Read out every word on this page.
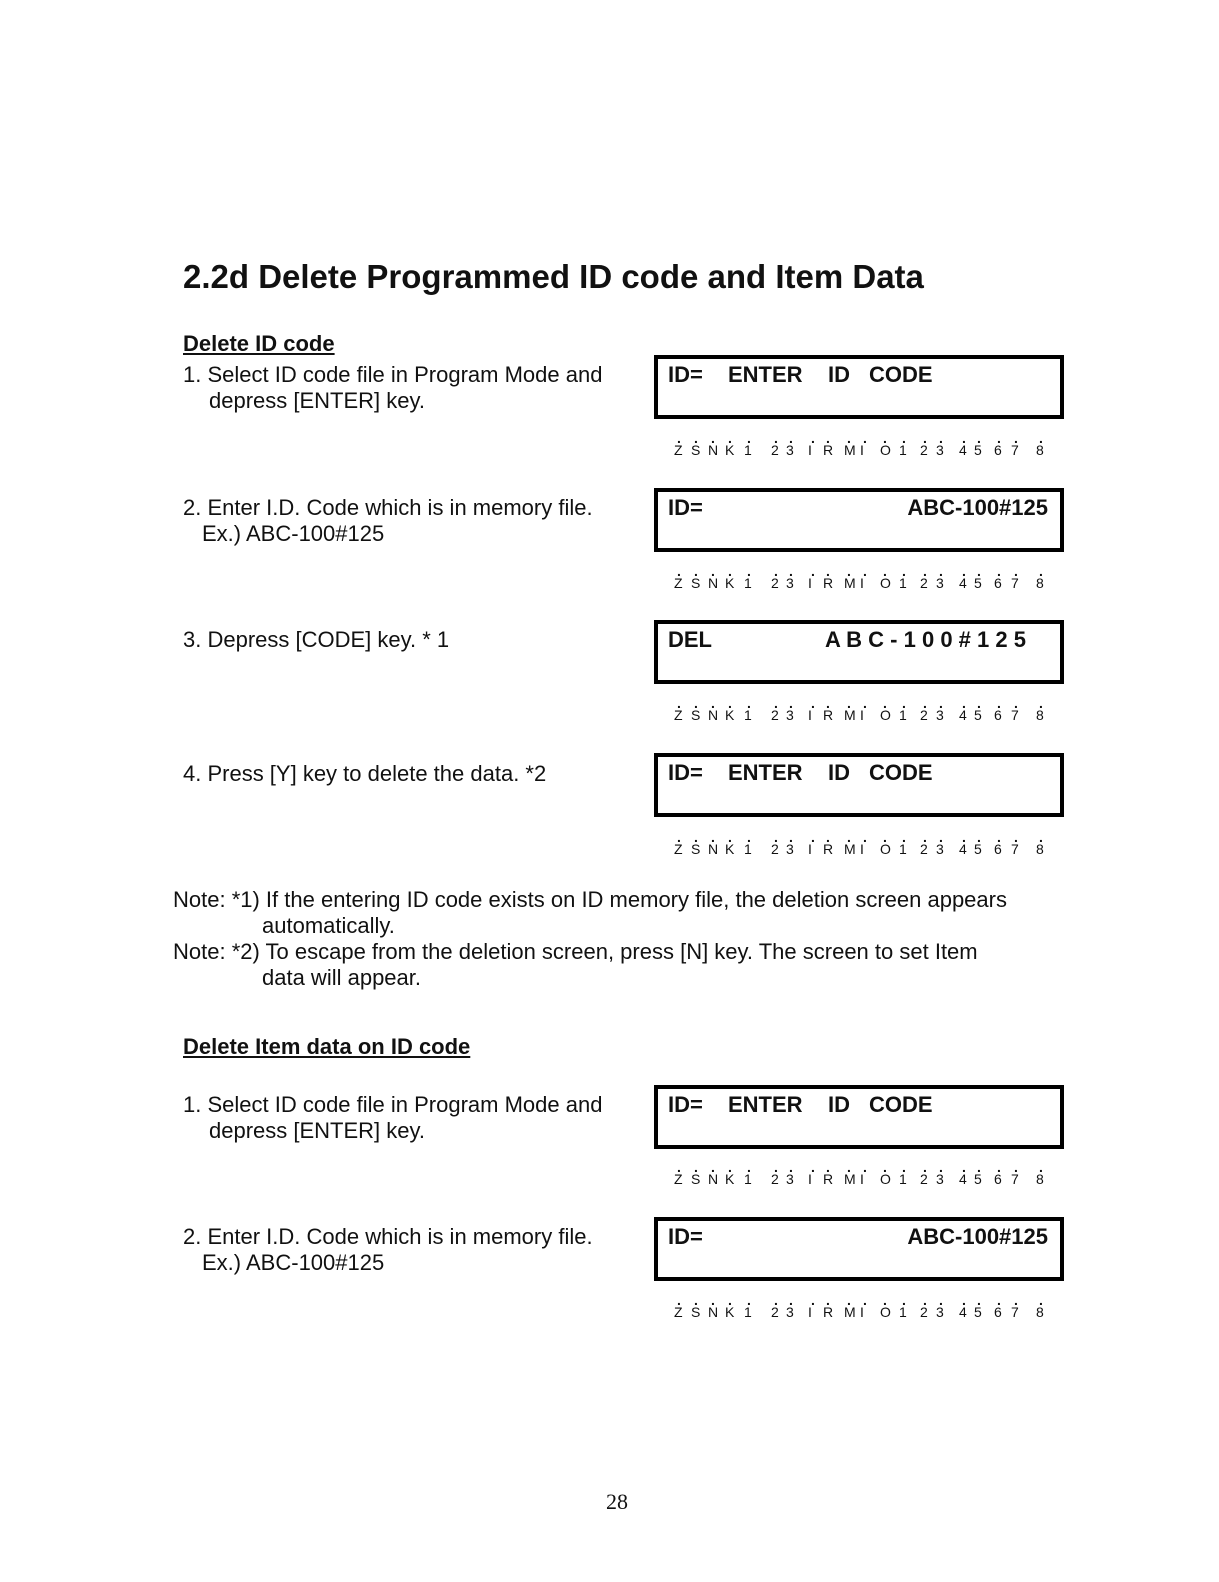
2.2d Delete Programmed ID code and Item Data
Delete ID code
1. Select ID code file in Program Mode and
depress [ENTER] key.
ID= ENTER ID CODE
.
Z
.
S
.
N
.
K
.
1
.
2
.
3
.
I
.
R
.
M
.
I
.
O
.
1
.
2
.
3
.
4
.
5
.
6
.
7
.
8
2. Enter I.D. Code which is in memory file.
Ex.) ABC-100#125
ID=	ABC-100#125
.
Z
.
S
.
N
.
K
.
1
.
2
.
3
.
I
.
R
.
M
.
I
.
O
.
1
.
2
.
3
.
4
.
5
.
6
.
7
.
8
3. Depress [CODE] key. * 1	DEL	A B C - 1 0 0 # 1 2 5
.
Z
.
S
.
N
.
K
.
1
.
2
.
3
.
I
.
R
.
M
.
I
.
O
.
1
.
2
.
3
.
4
.
5
.
6
.
7
.
8
4. Press [Y] key to delete the data. *2	ID= ENTER ID CODE
.
Z
.
S
.
N
.
K
.
1
.
2
.
3
.
I
.
R
.
M
.
I
.
O
.
1
.
2
.
3
.
4
.
5
.
6
.
7
.
8
Note: *1) If the entering ID code exists on ID memory file, the deletion screen appears
automatically.
Note: *2) To escape from the deletion screen, press [N] key. The screen to set Item
data will appear.
Delete Item data on ID code
1. Select ID code file in Program Mode and
depress [ENTER] key.
ID= ENTER ID CODE
.
Z
.
S
.
N
.
K
.
1
.
2
.
3
.
I
.
R
.
M
.
I
.
O
.
1
.
2
.
3
.
4
.
5
.
6
.
7
.
8
2. Enter I.D. Code which is in memory file.
Ex.) ABC-100#125
ID=	ABC-100#125
.
Z
.
S
.
N
.
K
.
1
.
2
.
3
.
I
.
R
.
M
.
I
.
O
.
1
.
2
.
3
.
4
.
5
.
6
.
7
.
8
28
